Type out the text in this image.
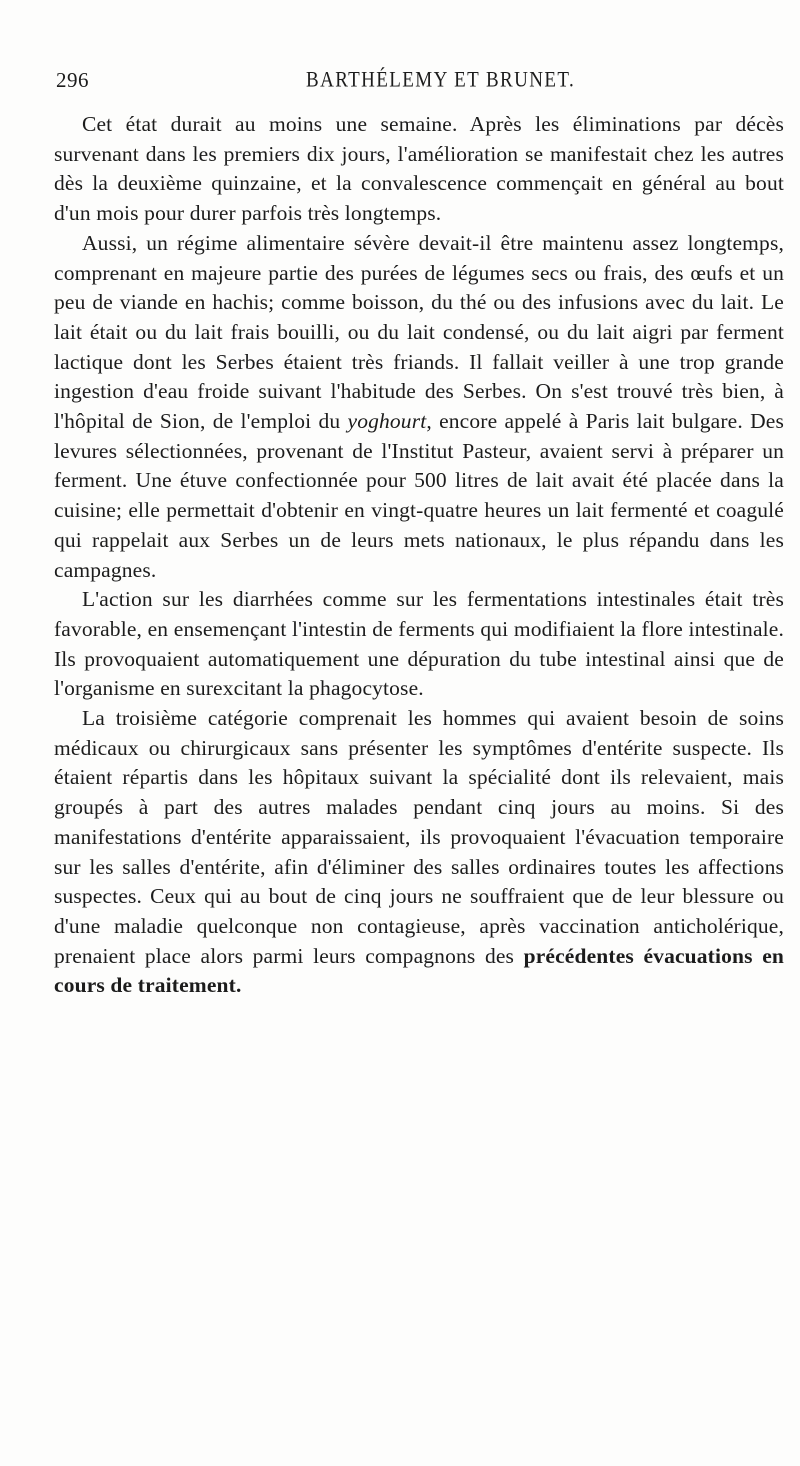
296	BARTHÉLEMY ET BRUNET.

Cet état durait au moins une semaine. Après les éliminations par décès survenant dans les premiers dix jours, l'amélioration se manifestait chez les autres dès la deuxième quinzaine, et la convalescence commençait en général au bout d'un mois pour durer parfois très longtemps.

Aussi, un régime alimentaire sévère devait-il être maintenu assez longtemps, comprenant en majeure partie des purées de légumes secs ou frais, des œufs et un peu de viande en hachis; comme boisson, du thé ou des infusions avec du lait. Le lait était ou du lait frais bouilli, ou du lait condensé, ou du lait aigri par ferment lactique dont les Serbes étaient très friands. Il fallait veiller à une trop grande ingestion d'eau froide suivant l'habitude des Serbes. On s'est trouvé très bien, à l'hôpital de Sion, de l'emploi du yoghourt, encore appelé à Paris lait bulgare. Des levures sélectionnées, provenant de l'Institut Pasteur, avaient servi à préparer un ferment. Une étuve confectionnée pour 500 litres de lait avait été placée dans la cuisine; elle permettait d'obtenir en vingt-quatre heures un lait fermenté et coagulé qui rappelait aux Serbes un de leurs mets nationaux, le plus répandu dans les campagnes.

L'action sur les diarrhées comme sur les fermentations intestinales était très favorable, en ensemençant l'intestin de ferments qui modifiaient la flore intestinale. Ils provoquaient automatiquement une dépuration du tube intestinal ainsi que de l'organisme en surexcitant la phagocytose.

La troisième catégorie comprenait les hommes qui avaient besoin de soins médicaux ou chirurgicaux sans présenter les symptômes d'entérite suspecte. Ils étaient répartis dans les hôpitaux suivant la spécialité dont ils relevaient, mais groupés à part des autres malades pendant cinq jours au moins. Si des manifestations d'entérite apparaissaient, ils provoquaient l'évacuation temporaire sur les salles d'entérite, afin d'éliminer des salles ordinaires toutes les affections suspectes. Ceux qui au bout de cinq jours ne souffraient que de leur blessure ou d'une maladie quelconque non contagieuse, après vaccination anticholérique, prenaient place alors parmi leurs compagnons des précédentes évacuations en cours de traitement.
